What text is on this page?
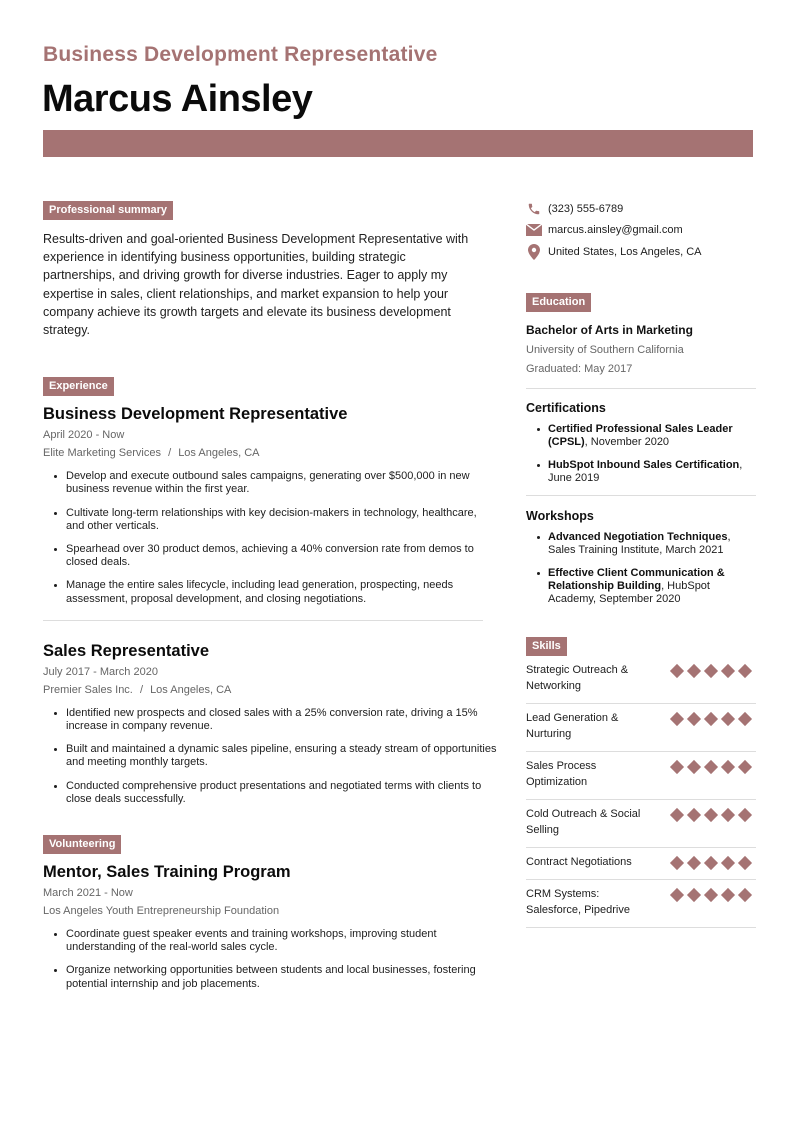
Business Development Representative
Marcus Ainsley
Professional summary

Results-driven and goal-oriented Business Development Representative with experience in identifying business opportunities, building strategic partnerships, and driving growth for diverse industries. Eager to apply my expertise in sales, client relationships, and market expansion to help your company achieve its growth targets and elevate its business development strategy.

Experience
Business Development Representative
April 2020 - Now
Elite Marketing Services / Los Angeles, CA
Develop and execute outbound sales campaigns, generating over $500,000 in new business revenue within the first year.
Cultivate long-term relationships with key decision-makers in technology, healthcare, and other verticals.
Spearhead over 30 product demos, achieving a 40% conversion rate from demos to closed deals.
Manage the entire sales lifecycle, including lead generation, prospecting, needs assessment, proposal development, and closing negotiations.
Sales Representative
July 2017 - March 2020
Premier Sales Inc. / Los Angeles, CA
Identified new prospects and closed sales with a 25% conversion rate, driving a 15% increase in company revenue.
Built and maintained a dynamic sales pipeline, ensuring a steady stream of opportunities and meeting monthly targets.
Conducted comprehensive product presentations and negotiated terms with clients to close deals successfully.
Volunteering
Mentor, Sales Training Program
March 2021 - Now
Los Angeles Youth Entrepreneurship Foundation
Coordinate guest speaker events and training workshops, improving student understanding of the real-world sales cycle.
Organize networking opportunities between students and local businesses, fostering potential internship and job placements.
(323) 555-6789
marcus.ainsley@gmail.com
United States, Los Angeles, CA
Education
Bachelor of Arts in Marketing
University of Southern California
Graduated: May 2017
Certifications
Certified Professional Sales Leader (CPSL), November 2020
HubSpot Inbound Sales Certification, June 2019
Workshops
Advanced Negotiation Techniques, Sales Training Institute, March 2021
Effective Client Communication & Relationship Building, HubSpot Academy, September 2020
Skills
Strategic Outreach & Networking
Lead Generation & Nurturing
Sales Process Optimization
Cold Outreach & Social Selling
Contract Negotiations
CRM Systems: Salesforce, Pipedrive
